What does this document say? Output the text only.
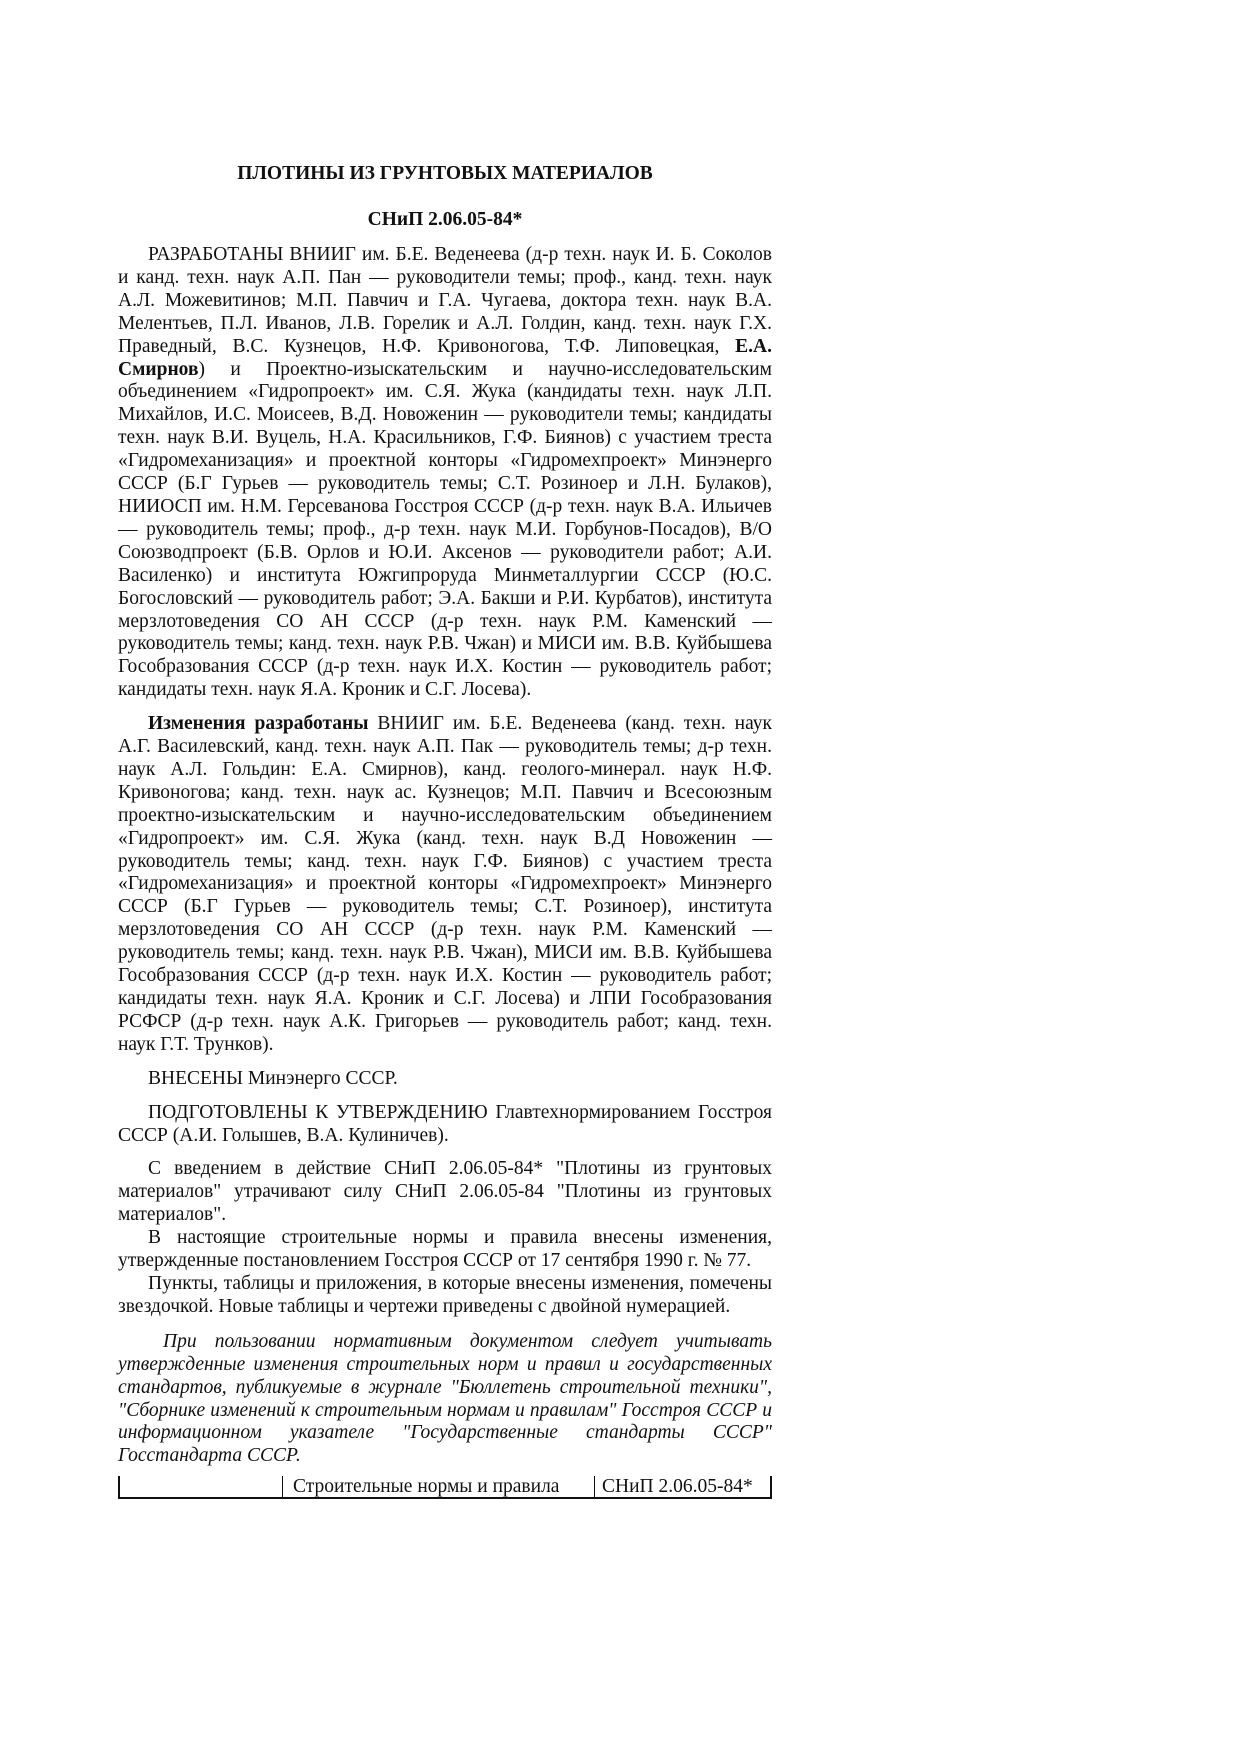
ПЛОТИНЫ ИЗ ГРУНТОВЫХ МАТЕРИАЛОВ
СНиП 2.06.05-84*

РАЗРАБОТАНЫ ВНИИГ им. Б.Е. Веденеева (д-р техн. наук И. Б. Соколов и канд. техн. наук А.П. Пан — руководители темы; проф., канд. техн. наук А.Л. Можевитинов; М.П. Павчич и Г.А. Чугаева, доктора техн. наук В.А. Мелентьев, П.Л. Иванов, Л.В. Горелик и А.Л. Голдин, канд. техн. наук Г.Х. Праведный, В.С. Кузнецов, Н.Ф. Кривоногова, Т.Ф. Липовецкая, Е.А. Смирнов) и Проектно-изыскательским и научно-исследовательским объединением «Гидропроект» им. С.Я. Жука (кандидаты техн. наук Л.П. Михайлов, И.С. Моисеев, В.Д. Новоженин — руководители темы; кандидаты техн. наук В.И. Вуцель, Н.А. Красильников, Г.Ф. Биянов) с участием треста «Гидромеханизация» и проектной конторы «Гидромехпроект» Минэнерго СССР (Б.Г Гурьев — руководитель темы; С.Т. Розиноер и Л.Н. Булаков), НИИОСП им. Н.М. Герсеванова Госстроя СССР (д-р техн. наук В.А. Ильичев — руководитель темы; проф., д-р техн. наук М.И. Горбунов-Посадов), В/О Союзводпроект (Б.В. Орлов и Ю.И. Аксенов — руководители работ; А.И. Василенко) и института Южгипроруда Минметаллургии СССР (Ю.С. Богословский — руководитель работ; Э.А. Бакши и Р.И. Курбатов), института мерзлотоведения СО АН СССР (д-р техн. наук Р.М. Каменский — руководитель темы; канд. техн. наук Р.В. Чжан) и МИСИ им. В.В. Куйбышева Гособразования СССР (д-р техн. наук И.Х. Костин — руководитель работ; кандидаты техн. наук Я.А. Кроник и С.Г. Лосева).

Изменения разработаны ВНИИГ им. Б.Е. Веденеева (канд. техн. наук А.Г. Василевский, канд. техн. наук А.П. Пак — руководитель темы; д-р техн. наук А.Л. Гольдин: Е.А. Смирнов), канд. геолого-минерал. наук Н.Ф. Кривоногова; канд. техн. наук ас. Кузнецов; М.П. Павчич и Всесоюзным проектно-изыскательским и научно-исследовательским объединением «Гидропроект» им. С.Я. Жука (канд. техн. наук В.Д Новоженин — руководитель темы; канд. техн. наук Г.Ф. Биянов) с участием треста «Гидромеханизация» и проектной конторы «Гидромехпроект» Минэнерго СССР (Б.Г Гурьев — руководитель темы; С.Т. Розиноер), института мерзлотоведения СО АН СССР (д-р техн. наук Р.М. Каменский — руководитель темы; канд. техн. наук Р.В. Чжан), МИСИ им. В.В. Куйбышева Гособразования СССР (д-р техн. наук И.Х. Костин — руководитель работ; кандидаты техн. наук Я.А. Кроник и С.Г. Лосева) и ЛПИ Гособразования РСФСР (д-р техн. наук А.К. Григорьев — руководитель работ; канд. техн. наук Г.Т. Трунков).

ВНЕСЕНЫ Минэнерго СССР.

ПОДГОТОВЛЕНЫ К УТВЕРЖДЕНИЮ Главтехнормированием Госстроя СССР (А.И. Голышев, В.А. Кулиничев).

С введением в действие СНиП 2.06.05-84* "Плотины из грунтовых материалов" утрачивают силу СНиП 2.06.05-84 "Плотины из грунтовых материалов".

В настоящие строительные нормы и правила внесены изменения, утвержденные постановлением Госстроя СССР от 17 сентября 1990 г. № 77.

Пункты, таблицы и приложения, в которые внесены изменения, помечены звездочкой. Новые таблицы и чертежи приведены с двойной нумерацией.

При пользовании нормативным документом следует учитывать утвержденные изменения строительных норм и правил и государственных стандартов, публикуемые в журнале "Бюллетень строительной техники", "Сборнике изменений к строительным нормам и правилам" Госстроя СССР и информационном указателе "Государственные стандарты СССР" Госстандарта СССР.

Строительные нормы и правила	СНиП 2.06.05-84*
